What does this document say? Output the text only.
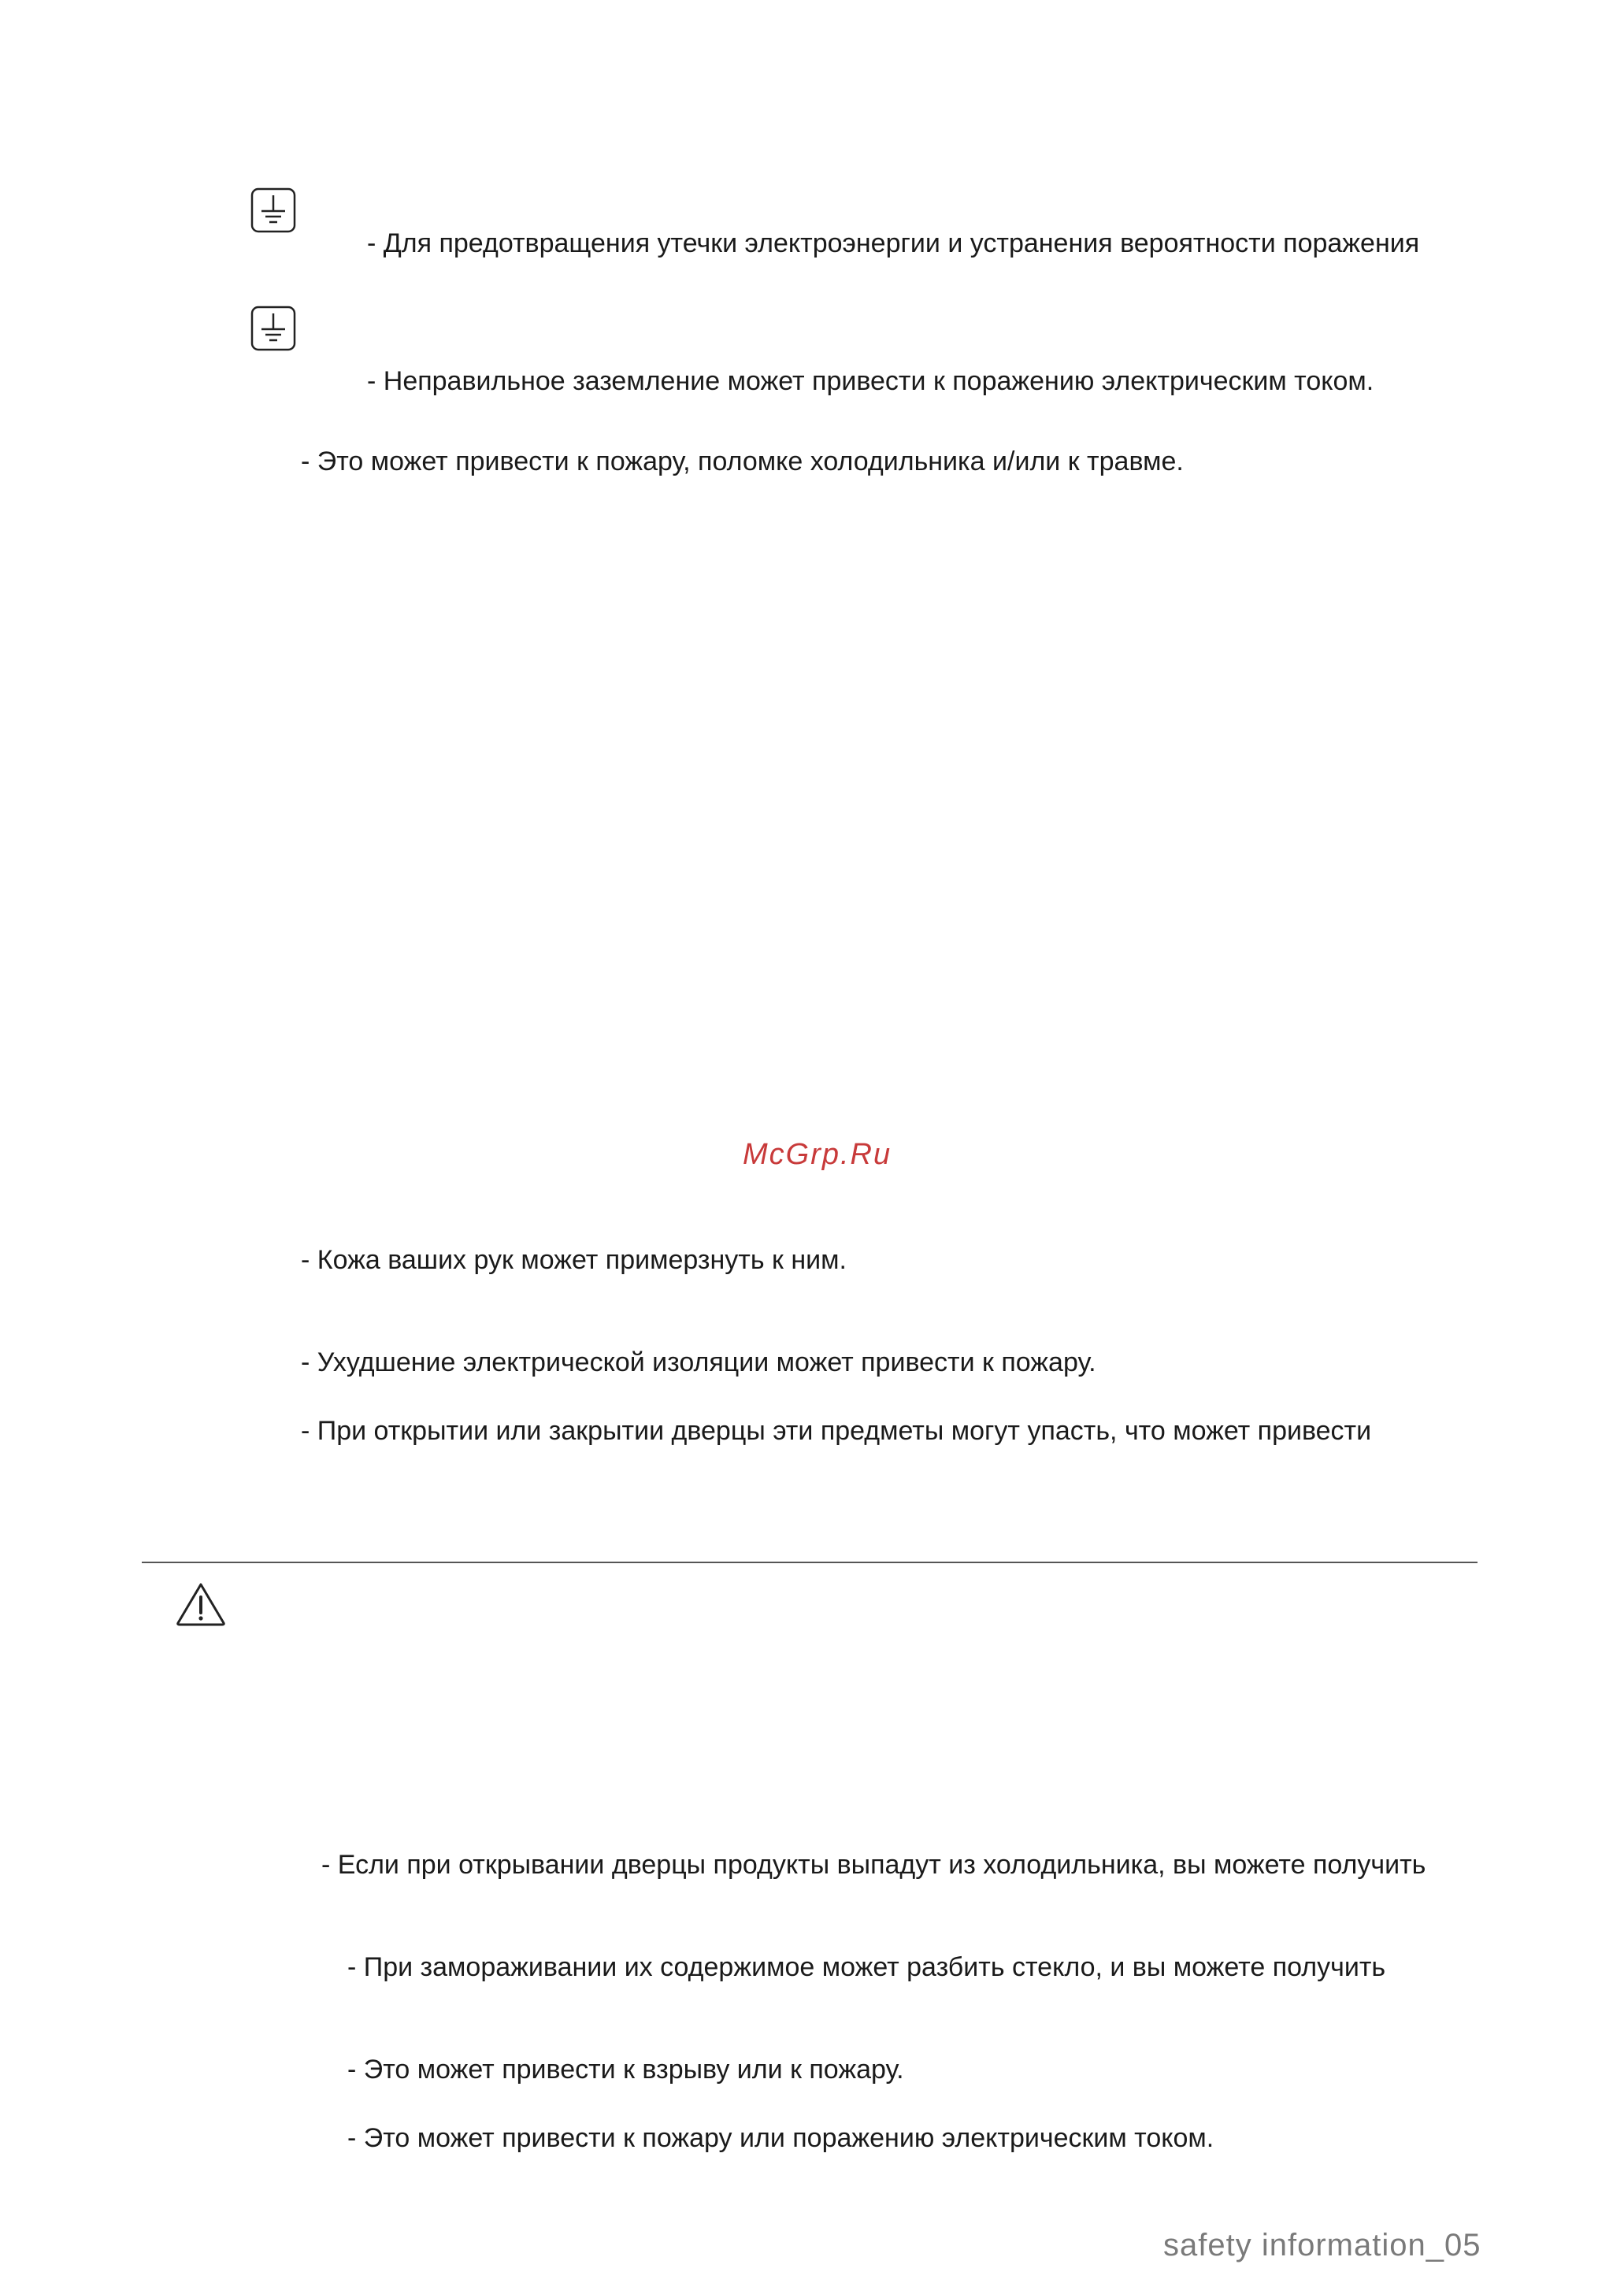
- Для предотвращения утечки электроэнергии и устранения вероятности поражения
- Неправильное заземление может привести к поражению электрическим током.
- Это может привести к пожару, поломке холодильника и/или к травме.
McGrp.Ru
- Кожа ваших рук может примерзнуть к ним.
- Ухудшение электрической изоляции может привести к пожару.
- При открытии или закрытии дверцы эти предметы могут упасть, что может привести
- Если при открывании дверцы продукты выпадут из холодильника, вы можете получить
- При замораживании их содержимое может разбить стекло, и вы можете получить
- Это может привести к взрыву или к пожару.
- Это может привести к пожару или поражению электрическим током.
safety information_05
